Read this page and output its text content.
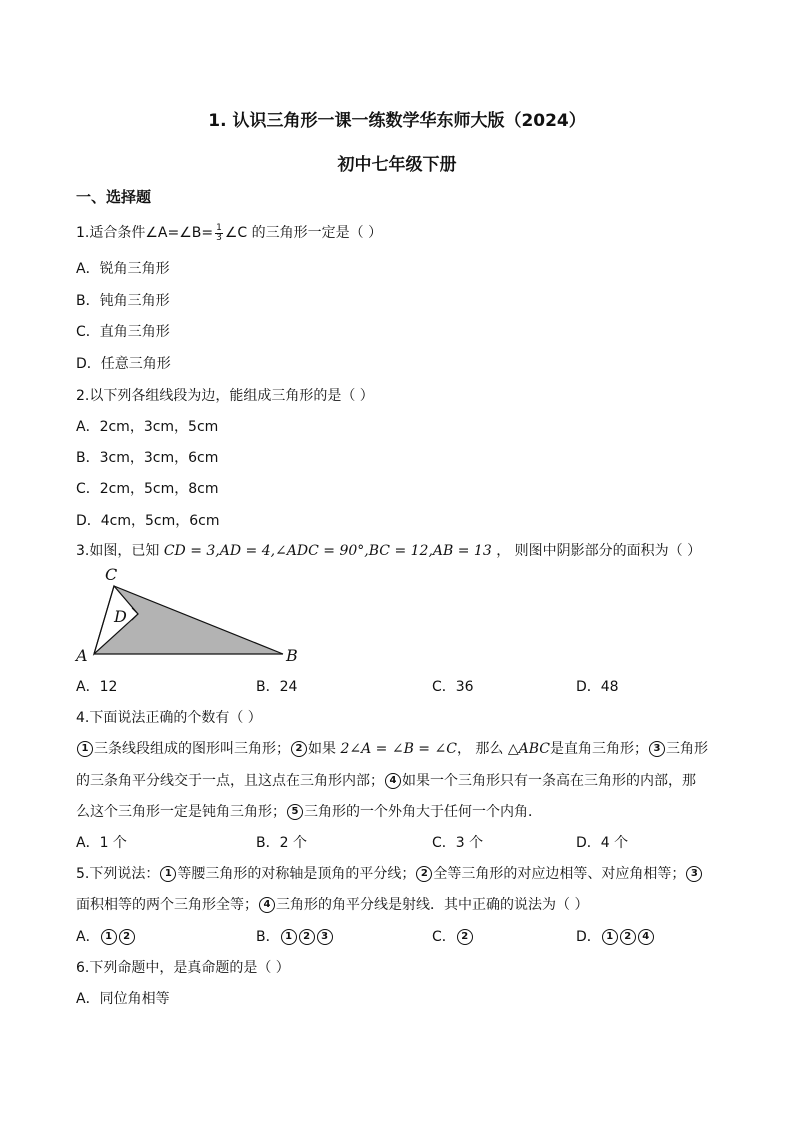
1. 认识三角形一课一练数学华东师大版（2024）
初中七年级下册
一、选择题
1.适合条件∠A=∠B= $\frac{1}{3}$ ∠C 的三角形一定是（ ）
A．锐角三角形
B．钝角三角形
C．直角三角形
D．任意三角形
2.以下列各组线段为边，能组成三角形的是（ ）
A．2cm，3cm，5cm
B．3cm，3cm，6cm
C．2cm，5cm，8cm
D．4cm，5cm，6cm
3.如图，已知 CD = 3,AD = 4,∠ADC = 90°,BC = 12,AB = 13 ， 则图中阴影部分的面积为（ ）
C
D
A	B
A．12	B．24	C．36	D．48
4.下面说法正确的个数有（ ）
1 三条线段组成的图形叫三角形； 2 如果 2∠A = ∠B = ∠C， 那么 △ABC是直角三角形； 3 三角形
的三条角平分线交于一点，且这点在三角形内部； 4 如果一个三角形只有一条高在三角形的内部，那
么这个三角形一定是钝角三角形； 5 三角形的一个外角大于任何一个内角．
A．1 个	B．2 个	C．3 个	D．4 个
5.下列说法： 1 等腰三角形的对称轴是顶角的平分线； 2 全等三角形的对应边相等、对应角相等； 3
面积相等的两个三角形全等； 4 三角形的角平分线是射线．其中正确的说法为（ ）
A． 1 2	B． 1 2 3	C． 2	D． 1 2 4
6.下列命题中，是真命题的是（ ）
A．同位角相等
